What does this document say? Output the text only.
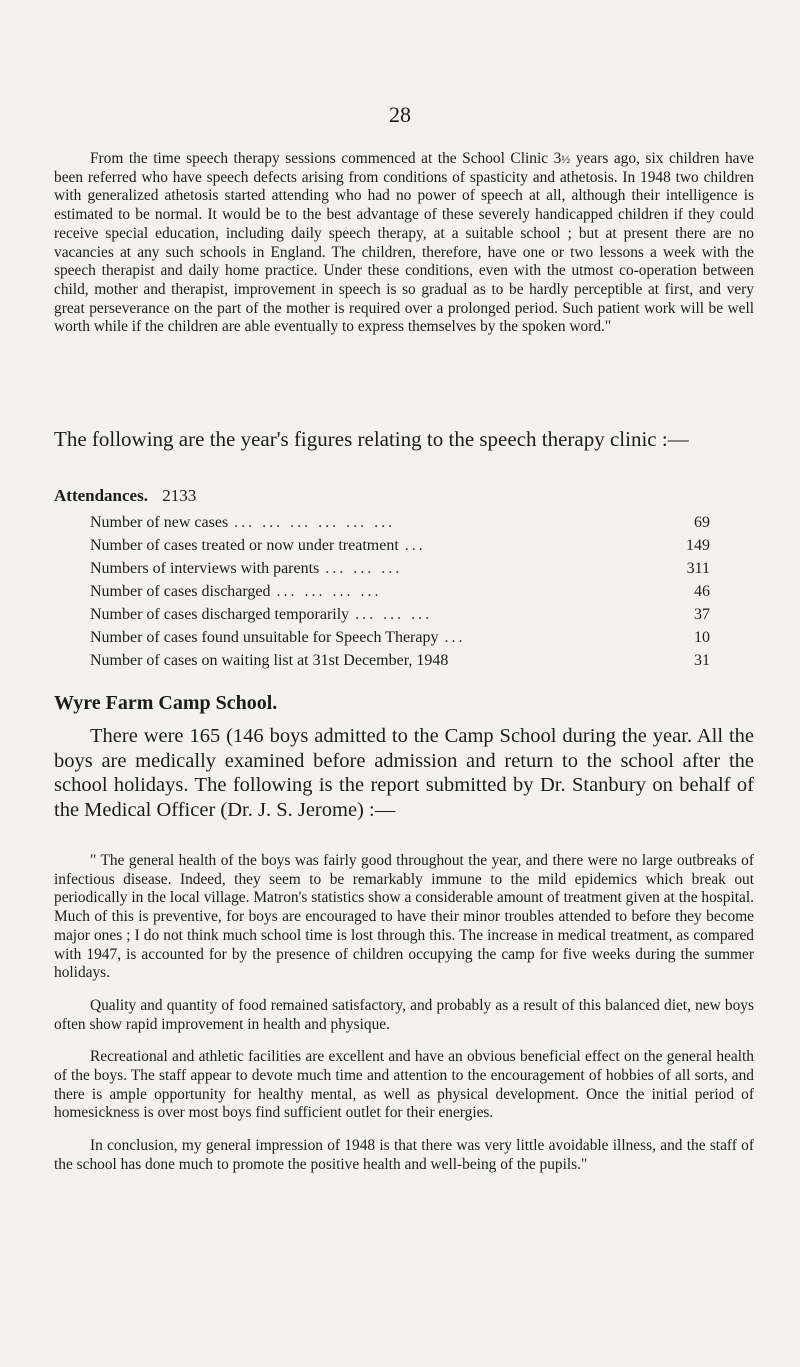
28

From the time speech therapy sessions commenced at the School Clinic 3½ years ago, six children have been referred who have speech defects arising from conditions of spasticity and athetosis. In 1948 two children with generalized athetosis started attending who had no power of speech at all, although their intelligence is estimated to be normal. It would be to the best advantage of these severely handicapped children if they could receive special education, including daily speech therapy, at a suitable school ; but at present there are no vacancies at any such schools in England. The children, therefore, have one or two lessons a week with the speech therapist and daily home practice. Under these conditions, even with the utmost co-operation between child, mother and therapist, improvement in speech is so gradual as to be hardly perceptible at first, and very great perseverance on the part of the mother is required over a prolonged period. Such patient work will be well worth while if the children are able eventually to express themselves by the spoken word."

The following are the year's figures relating to the speech therapy clinic :—

Attendances. 2133

Number of new cases ... ... ... ... ... ...	69
Number of cases treated or now under treatment ...	149
Numbers of interviews with parents ... ... ...	311
Number of cases discharged ... ... ... ...	46
Number of cases discharged temporarily ... ... ...	37
Number of cases found unsuitable for Speech Therapy ...	10
Number of cases on waiting list at 31st December, 1948	31

Wyre Farm Camp School.

There were 165 (146 boys admitted to the Camp School during the year. All the boys are medically examined before admission and return to the school after the school holidays. The following is the report submitted by Dr. Stanbury on behalf of the Medical Officer (Dr. J. S. Jerome) :—

" The general health of the boys was fairly good throughout the year, and there were no large outbreaks of infectious disease. Indeed, they seem to be remarkably immune to the mild epidemics which break out periodically in the local village. Matron's statistics show a considerable amount of treatment given at the hospital. Much of this is preventive, for boys are encouraged to have their minor troubles attended to before they become major ones ; I do not think much school time is lost through this. The increase in medical treatment, as compared with 1947, is accounted for by the presence of children occupying the camp for five weeks during the summer holidays.

Quality and quantity of food remained satisfactory, and probably as a result of this balanced diet, new boys often show rapid improvement in health and physique.

Recreational and athletic facilities are excellent and have an obvious beneficial effect on the general health of the boys. The staff appear to devote much time and attention to the encouragement of hobbies of all sorts, and there is ample opportunity for healthy mental, as well as physical development. Once the initial period of homesickness is over most boys find sufficient outlet for their energies.

In conclusion, my general impression of 1948 is that there was very little avoidable illness, and the staff of the school has done much to promote the positive health and well-being of the pupils."
